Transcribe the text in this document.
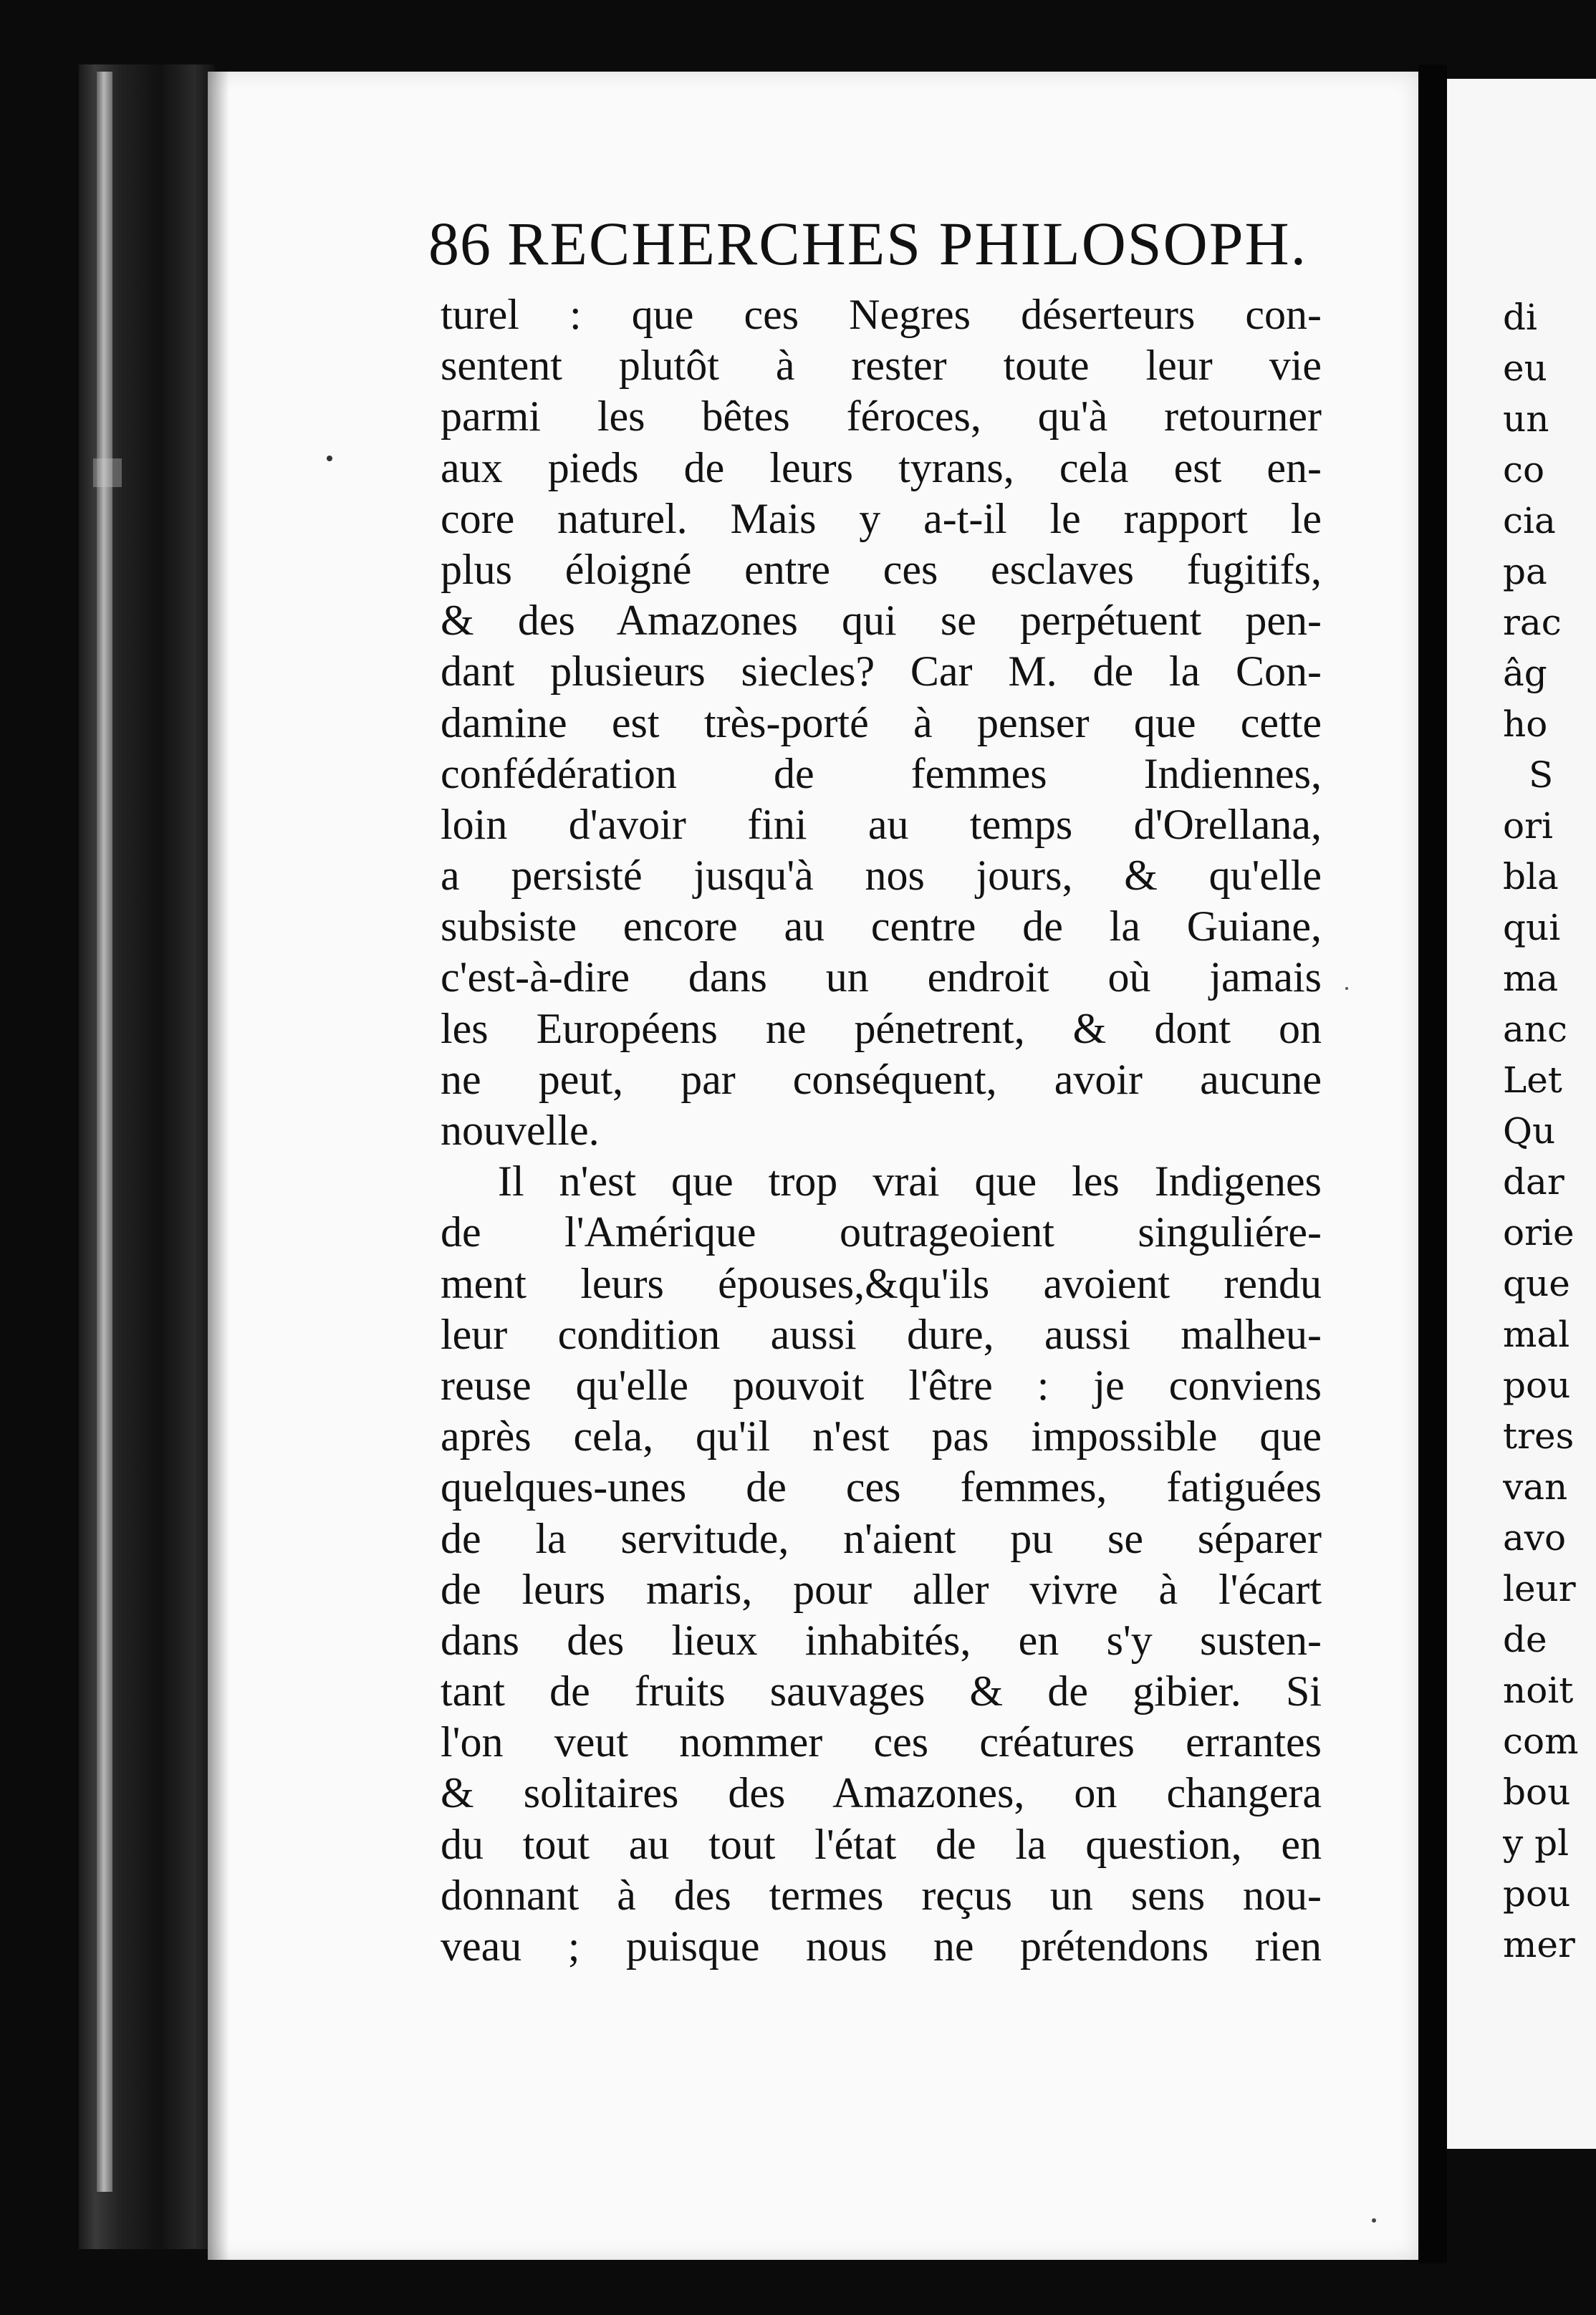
di
eu
un
co
cia
pa
rac
âg
ho
S
ori
bla
qui
ma
anc
Let
Qu
dar
orie
que
mal
pou
tres
van
avo
leur
de
noit
com
bou
y pl
pou
mer
86 RECHERCHES PHILOSOPH.
turel : que ces Negres déserteurs con-
sentent plutôt à rester toute leur vie
parmi les bêtes féroces, qu'à retourner
aux pieds de leurs tyrans, cela est en-
core naturel. Mais y a-t-il le rapport le
plus éloigné entre ces esclaves fugitifs,
& des Amazones qui se perpétuent pen-
dant plusieurs siecles? Car M. de la Con-
damine est très-porté à penser que cette
confédération de femmes Indiennes,
loin d'avoir fini au temps d'Orellana,
a persisté jusqu'à nos jours, & qu'elle
subsiste encore au centre de la Guiane,
c'est-à-dire dans un endroit où jamais
les Européens ne pénetrent, & dont on
ne peut, par conséquent, avoir aucune
nouvelle.
Il n'est que trop vrai que les Indigenes
de l'Amérique outrageoient singuliére-
ment leurs épouses,&qu'ils avoient rendu
leur condition aussi dure, aussi malheu-
reuse qu'elle pouvoit l'être : je conviens
après cela, qu'il n'est pas impossible que
quelques-unes de ces femmes, fatiguées
de la servitude, n'aient pu se séparer
de leurs maris, pour aller vivre à l'écart
dans des lieux inhabités, en s'y susten-
tant de fruits sauvages & de gibier. Si
l'on veut nommer ces créatures errantes
& solitaires des Amazones, on changera
du tout au tout l'état de la question, en
donnant à des termes reçus un sens nou-
veau ; puisque nous ne prétendons rien
